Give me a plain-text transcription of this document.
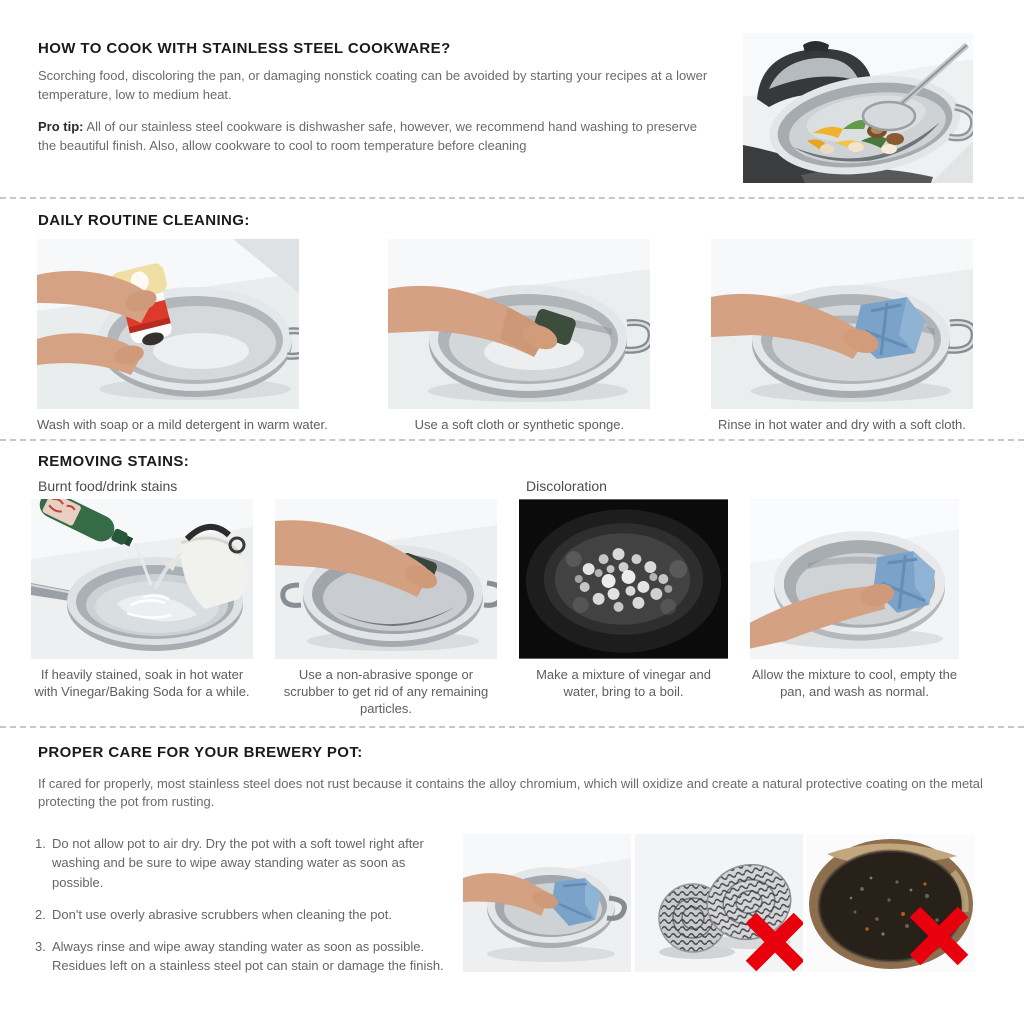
HOW TO COOK WITH STAINLESS STEEL COOKWARE?

Scorching food, discoloring the pan, or damaging nonstick coating can be avoided by starting your recipes at a lower temperature, low to medium heat.

Pro tip: All of our stainless steel cookware is dishwasher safe, however, we recommend hand washing to preserve the beautiful finish. Also, allow cookware to cool to room temperature before cleaning

DAILY ROUTINE CLEANING:
Wash with soap or a mild detergent in warm water.	Use a soft cloth or synthetic sponge.	Rinse in hot water and dry with a soft cloth.
REMOVING STAINS:
Burnt food/drink stains	Discoloration
If heavily stained, soak in hot water with Vinegar/Baking Soda for a while.
Use a non-abrasive sponge or scrubber to get rid of any remaining particles.
Make a mixture of vinegar and water, bring to a boil.
Allow the mixture to cool, empty the pan, and wash as normal.
PROPER CARE FOR YOUR BREWERY POT:

If cared for properly, most stainless steel does not rust because it contains the alloy chromium, which will oxidize and create a natural protective coating on the metal protecting the pot from rusting.

1. Do not allow pot to air dry. Dry the pot with a soft towel right after washing and be sure to wipe away standing water as soon as possible.
2. Don't use overly abrasive scrubbers when cleaning the pot.
3. Always rinse and wipe away standing water as soon as possible. Residues left on a stainless steel pot can stain or damage the finish.
